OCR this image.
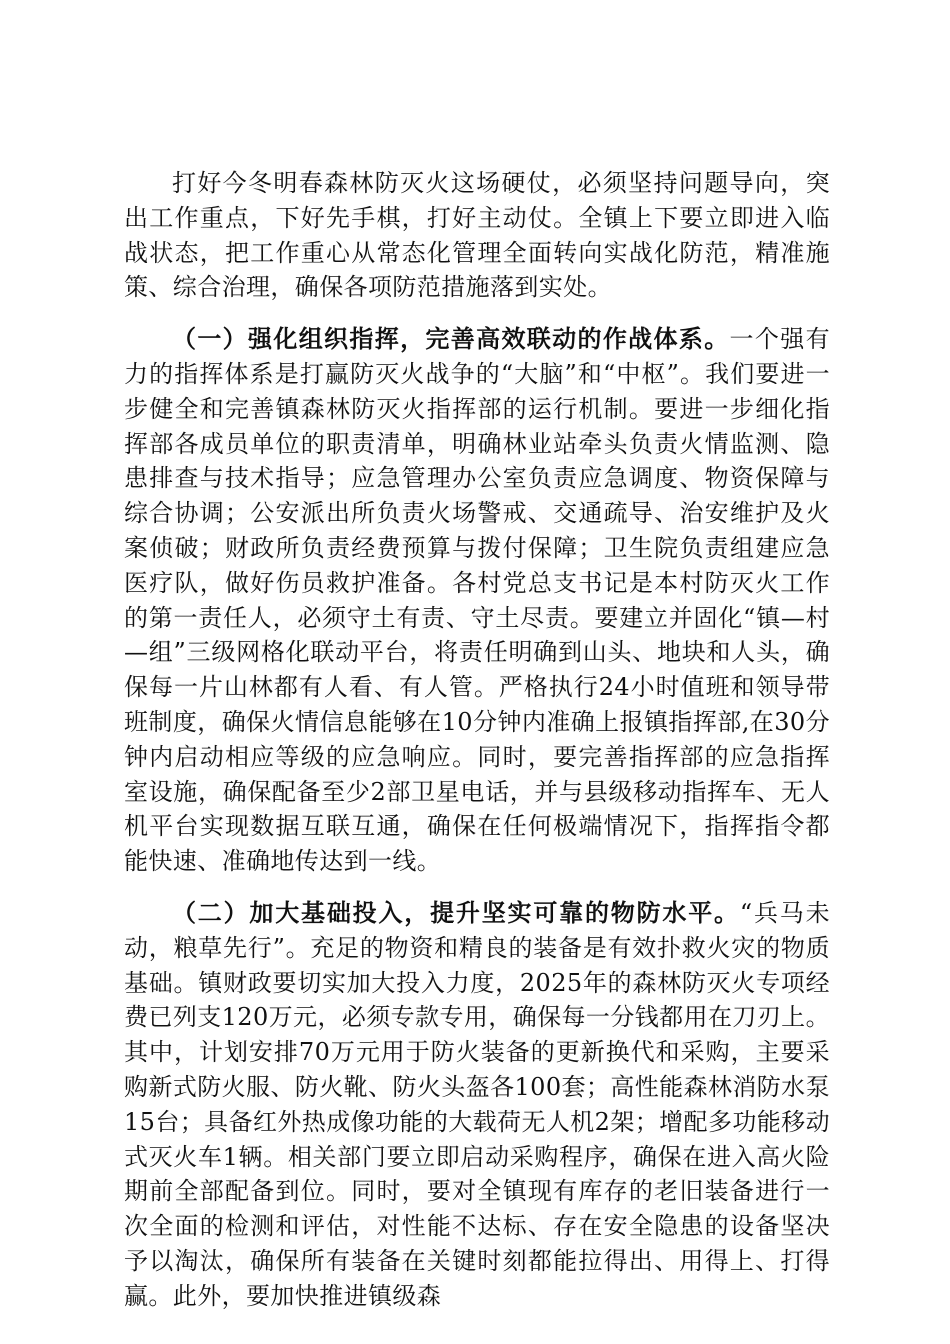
打好今冬明春森林防灭火这场硬仗，必须坚持问题导向，突出工作重点，下好先手棋，打好主动仗。全镇上下要立即进入临战状态，把工作重心从常态化管理全面转向实战化防范，精准施策、综合治理，确保各项防范措施落到实处。

（一）强化组织指挥，完善高效联动的作战体系。一个强有力的指挥体系是打赢防灭火战争的“大脑”和“中枢”。我们要进一步健全和完善镇森林防灭火指挥部的运行机制。要进一步细化指挥部各成员单位的职责清单，明确林业站牵头负责火情监测、隐患排查与技术指导；应急管理办公室负责应急调度、物资保障与综合协调；公安派出所负责火场警戒、交通疏导、治安维护及火案侦破；财政所负责经费预算与拨付保障；卫生院负责组建应急医疗队，做好伤员救护准备。各村党总支书记是本村防灭火工作的第一责任人，必须守土有责、守土尽责。要建立并固化“镇—村—组”三级网格化联动平台，将责任明确到山头、地块和人头，确保每一片山林都有人看、有人管。严格执行24小时值班和领导带班制度，确保火情信息能够在10分钟内准确上报镇指挥部,在30分钟内启动相应等级的应急响应。同时，要完善指挥部的应急指挥室设施，确保配备至少2部卫星电话，并与县级移动指挥车、无人机平台实现数据互联互通，确保在任何极端情况下，指挥指令都能快速、准确地传达到一线。

（二）加大基础投入，提升坚实可靠的物防水平。“兵马未动，粮草先行”。充足的物资和精良的装备是有效扑救火灾的物质基础。镇财政要切实加大投入力度，2025年的森林防灭火专项经费已列支120万元，必须专款专用，确保每一分钱都用在刀刃上。其中，计划安排70万元用于防火装备的更新换代和采购，主要采购新式防火服、防火靴、防火头盔各100套；高性能森林消防水泵15台；具备红外热成像功能的大载荷无人机2架；增配多功能移动式灭火车1辆。相关部门要立即启动采购程序，确保在进入高火险期前全部配备到位。同时，要对全镇现有库存的老旧装备进行一次全面的检测和评估，对性能不达标、存在安全隐患的设备坚决予以淘汰，确保所有装备在关键时刻都能拉得出、用得上、打得赢。此外，要加快推进镇级森
